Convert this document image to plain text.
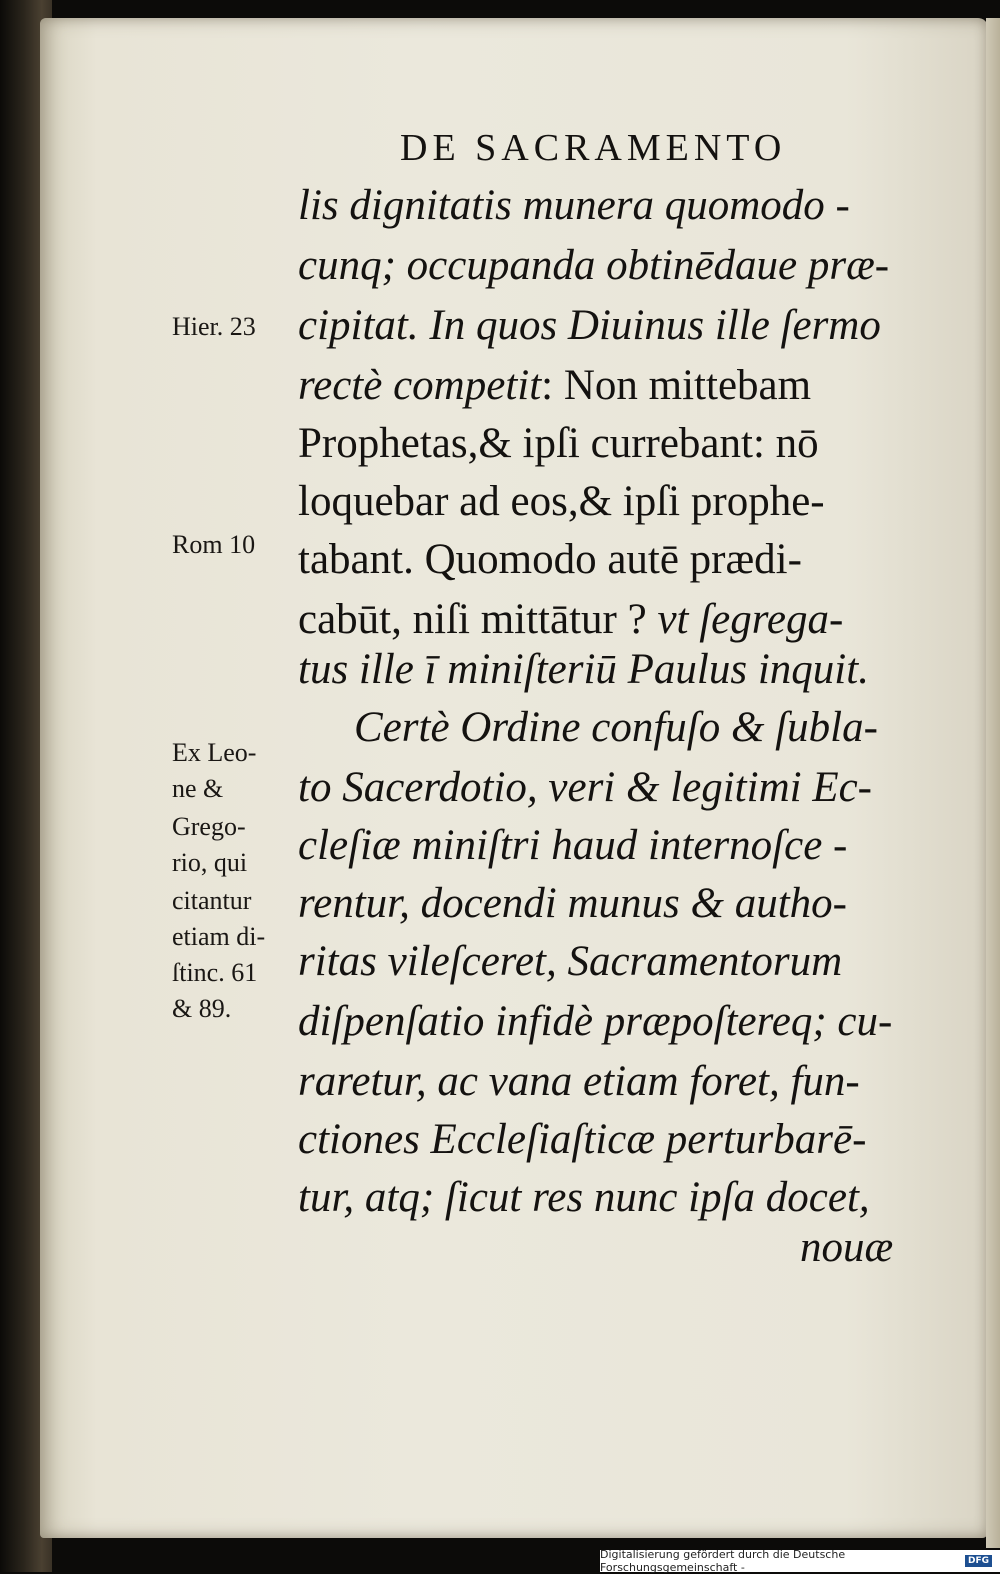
DE SACRAMENTO
lis dignitatis munera quomodo -
cunq; occupanda obtinēdaue præ-
cipitat. In quos Diuinus ille ſermo
rectè competit: Non mittebam
Prophetas,& ipſi currebant: nō
loquebar ad eos,& ipſi prophe-
tabant. Quomodo autē prædi-
cabūt, niſi mittātur ? vt ſegrega-
tus ille ī miniſteriū Paulus inquit.
Certè Ordine confuſo & ſubla-
to Sacerdotio, veri & legitimi Ec-
cleſiæ miniſtri haud internoſce -
rentur, docendi munus & autho-
ritas vileſceret, Sacramentorum
diſpenſatio infidè præpoſtereq; cu-
raretur, ac vana etiam foret, fun-
ctiones Eccleſiaſticæ perturbarē-
tur, atq; ſicut res nunc ipſa docet,
Hier. 23
Rom 10
Ex Leo-
ne &
Grego-
rio, qui
citantur
etiam di-
ſtinc. 61
& 89.
nouæ
Digitalisierung gefördert durch die Deutsche Forschungsgemeinschaft -	DFG
